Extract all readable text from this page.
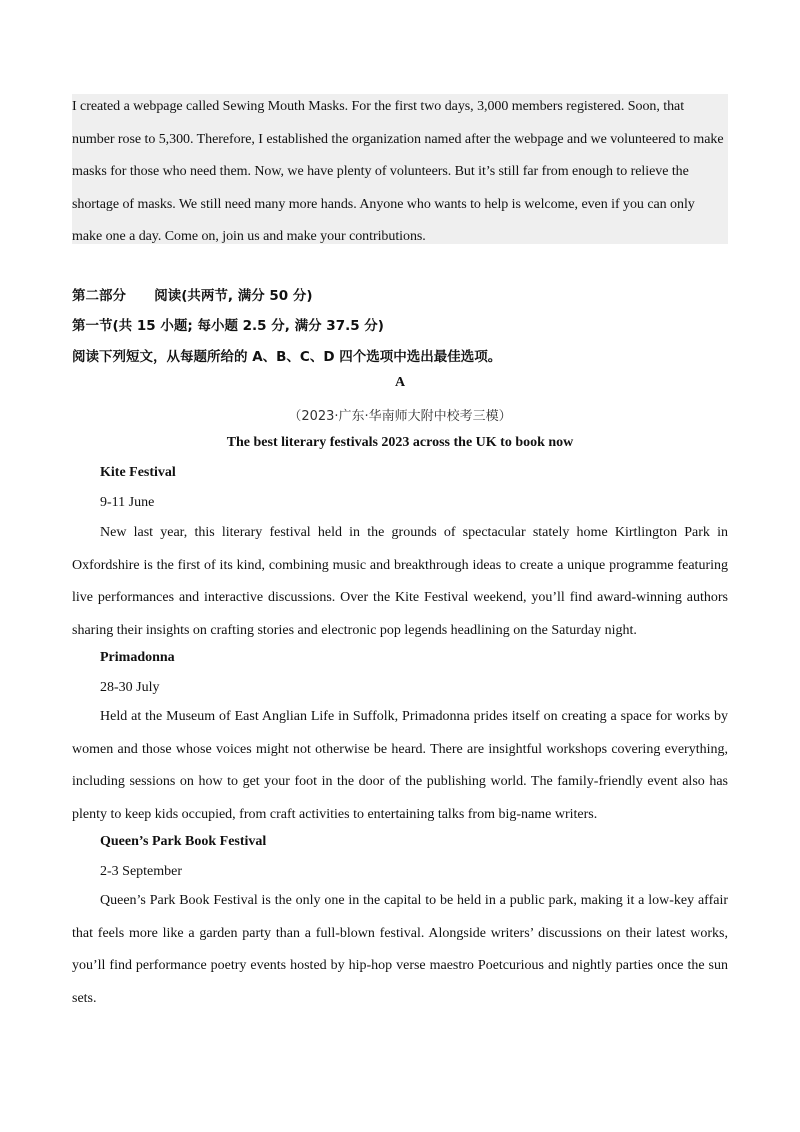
I created a webpage called Sewing Mouth Masks. For the first two days, 3,000 members registered. Soon, that number rose to 5,300. Therefore, I established the organization named after the webpage and we volunteered to make masks for those who need them. Now, we have plenty of volunteers. But it’s still far from enough to relieve the shortage of masks. We still need many more hands. Anyone who wants to help is welcome, even if you can only make one a day. Come on, join us and make your contributions.

第二部分 阅读(共两节, 满分 50 分)
第一节(共 15 小题; 每小题 2.5 分, 满分 37.5 分)
阅读下列短文，从每题所给的 A、B、C、D 四个选项中选出最佳选项。
A
（2023·广东·华南师大附中校考三模）
The best literary festivals 2023 across the UK to book now
Kite Festival
9-11 June

New last year, this literary festival held in the grounds of spectacular stately home Kirtlington Park in Oxfordshire is the first of its kind, combining music and breakthrough ideas to create a unique programme featuring live performances and interactive discussions. Over the Kite Festival weekend, you’ll find award-winning authors sharing their insights on crafting stories and electronic pop legends headlining on the Saturday night.

Primadonna
28-30 July

Held at the Museum of East Anglian Life in Suffolk, Primadonna prides itself on creating a space for works by women and those whose voices might not otherwise be heard. There are insightful workshops covering everything, including sessions on how to get your foot in the door of the publishing world. The family-friendly event also has plenty to keep kids occupied, from craft activities to entertaining talks from big-name writers.

Queen’s Park Book Festival
2-3 September

Queen’s Park Book Festival is the only one in the capital to be held in a public park, making it a low-key affair that feels more like a garden party than a full-blown festival. Alongside writers’ discussions on their latest works, you’ll find performance poetry events hosted by hip-hop verse maestro Poetcurious and nightly parties once the sun sets.
